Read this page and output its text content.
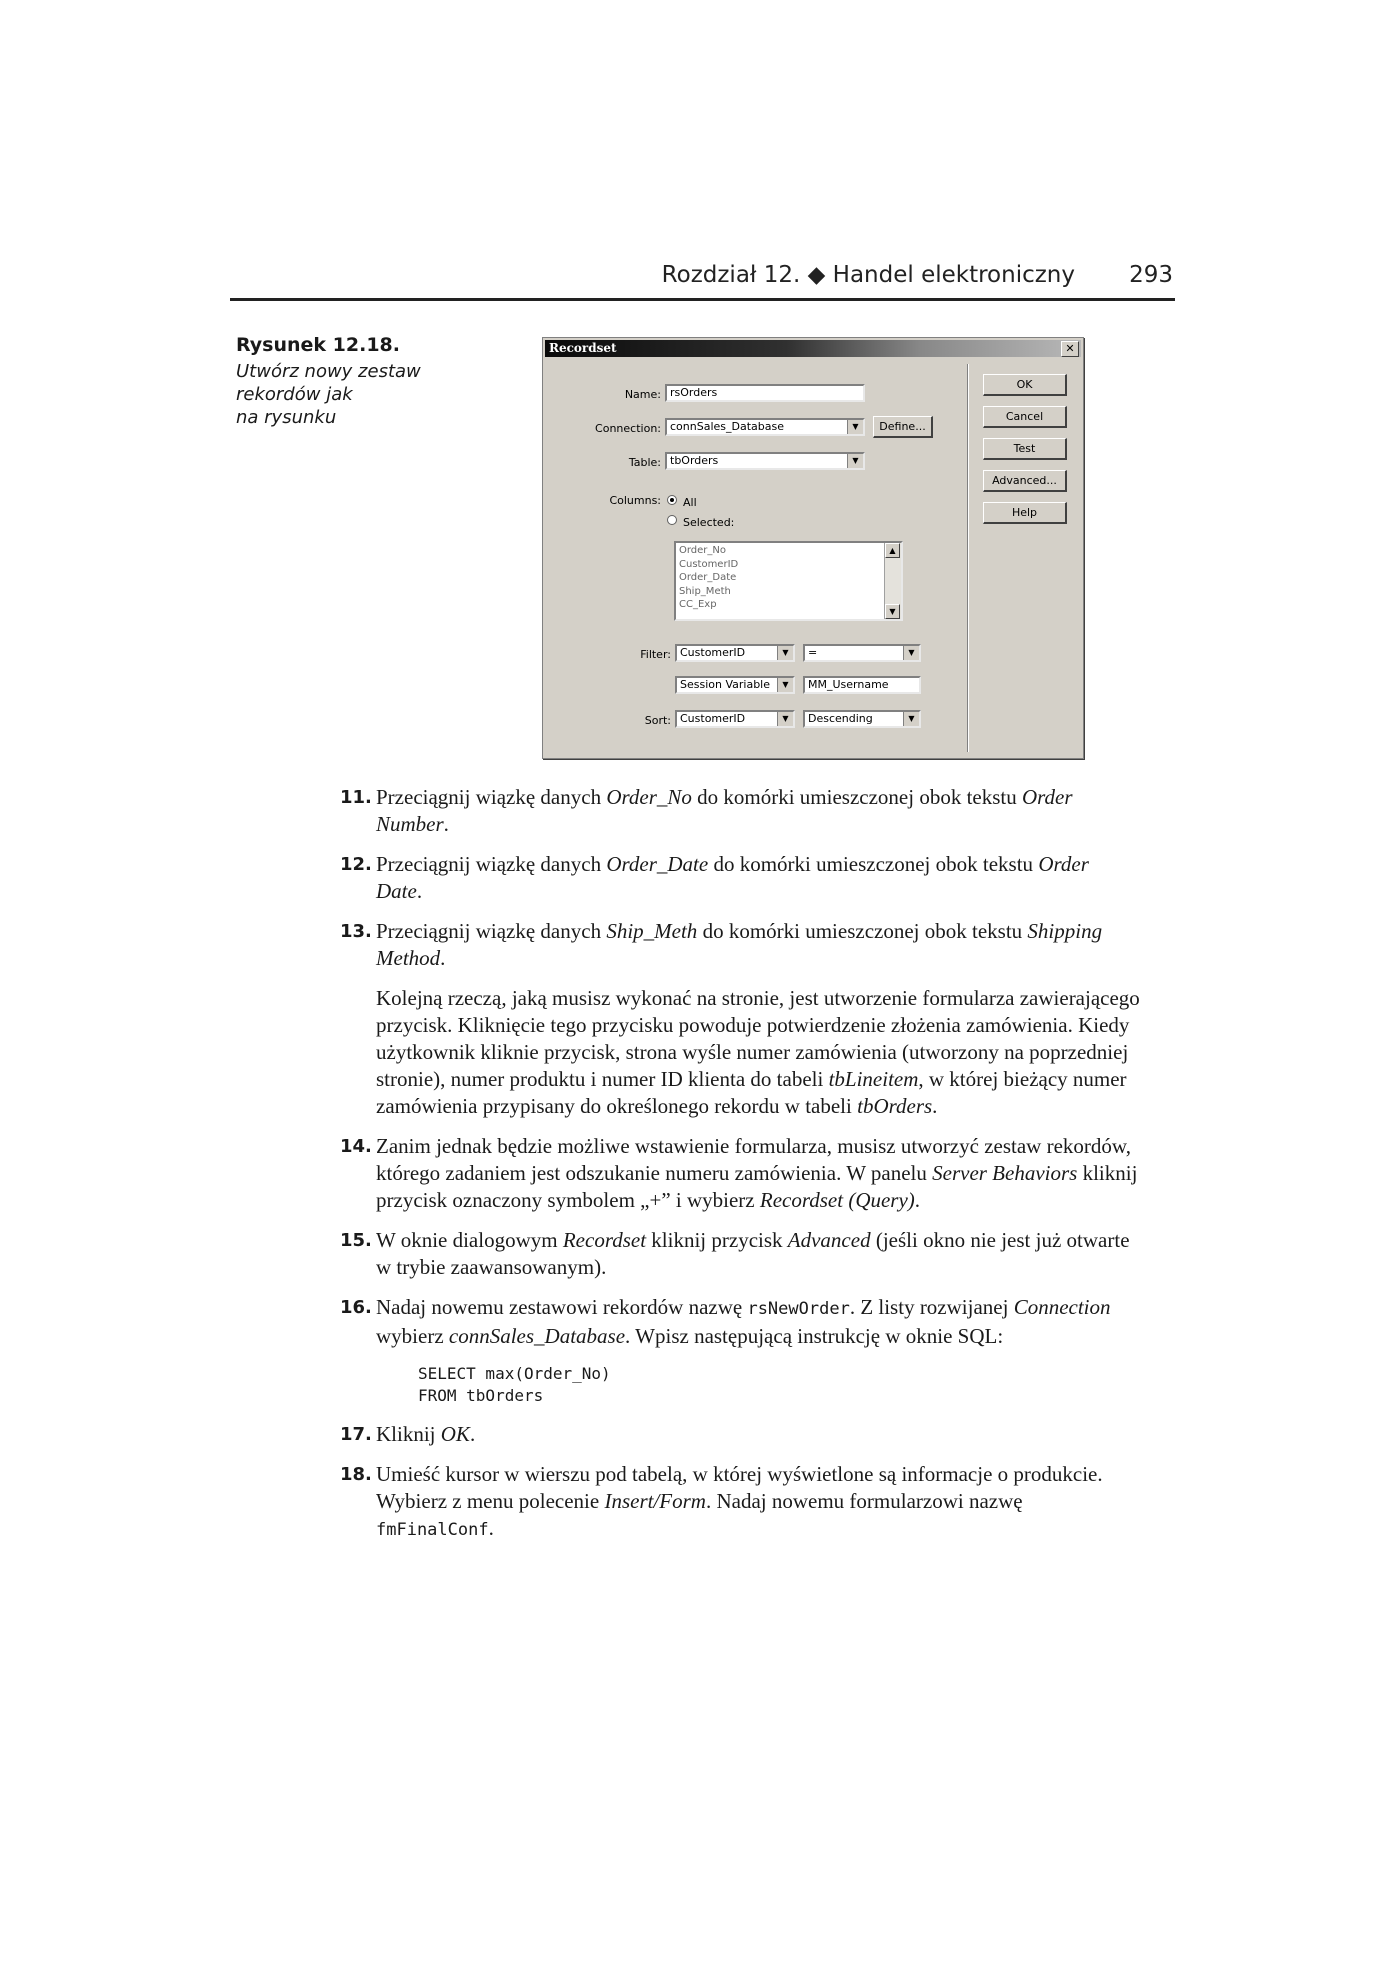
Rozdział 12. ◆ Handel elektroniczny 293
Rysunek 12.18.
Utwórz nowy zestaw
rekordów jak
na rysunku
Recordset	✕
Name: rsOrders
Connection: connSales_Database	▼	Define...
Table: tbOrders	▼
Columns: All
Selected:
Order_No
CustomerID
Order_Date
Ship_Meth
CC_Exp
▲
▼
Filter: CustomerID	▼	=	▼
Session Variable	▼	MM_Username
Sort: CustomerID	▼	Descending	▼
OK
Cancel
Test
Advanced...
Help
11. Przeciągnij wiązkę danych Order_No do komórki umieszczonej obok tekstu Order Number.
12. Przeciągnij wiązkę danych Order_Date do komórki umieszczonej obok tekstu Order Date.
13. Przeciągnij wiązkę danych Ship_Meth do komórki umieszczonej obok tekstu Shipping Method.
Kolejną rzeczą, jaką musisz wykonać na stronie, jest utworzenie formularza zawierającego przycisk. Kliknięcie tego przycisku powoduje potwierdzenie złożenia zamówienia. Kiedy użytkownik kliknie przycisk, strona wyśle numer zamówienia (utworzony na poprzedniej stronie), numer produktu i numer ID klienta do tabeli tbLineitem, w której bieżący numer zamówienia przypisany do określonego rekordu w tabeli tbOrders.
14. Zanim jednak będzie możliwe wstawienie formularza, musisz utworzyć zestaw rekordów, którego zadaniem jest odszukanie numeru zamówienia. W panelu Server Behaviors kliknij przycisk oznaczony symbolem „+” i wybierz Recordset (Query).
15. W oknie dialogowym Recordset kliknij przycisk Advanced (jeśli okno nie jest już otwarte w trybie zaawansowanym).
16. Nadaj nowemu zestawowi rekordów nazwę rsNewOrder. Z listy rozwijanej Connection wybierz connSales_Database. Wpisz następującą instrukcję w oknie SQL:
SELECT max(Order_No)
FROM tbOrders
17. Kliknij OK.
18. Umieść kursor w wierszu pod tabelą, w której wyświetlone są informacje o produkcie. Wybierz z menu polecenie Insert/Form. Nadaj nowemu formularzowi nazwę fmFinalConf.
